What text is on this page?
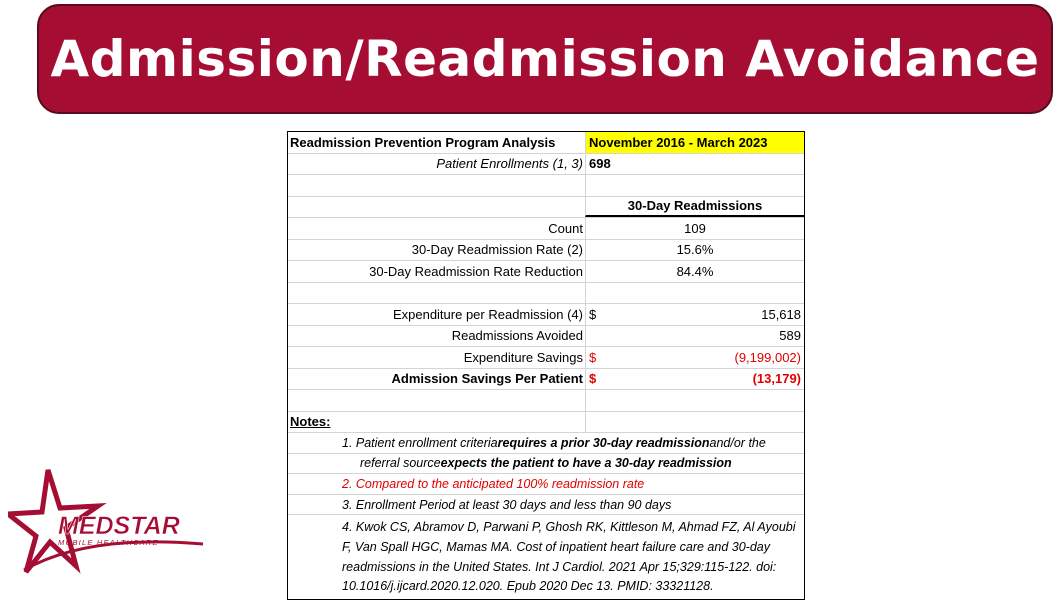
Admission/Readmission Avoidance
Readmission Prevention Program Analysis	November 2016 - March 2023
Patient Enrollments (1, 3) 698
30-Day Readmissions
Count	109
30-Day Readmission Rate (2)	15.6%
30-Day Readmission Rate Reduction	84.4%
Expenditure per Readmission (4) $	15,618
Readmissions Avoided	589
Expenditure Savings $	(9,199,002)
Admission Savings Per Patient $	(13,179)
Notes:
1. Patient enrollment criteria requires a prior 30-day readmission and/or the
referral source expects the patient to have a 30-day readmission
2. Compared to the anticipated 100% readmission rate
3. Enrollment Period at least 30 days and less than 90 days
4. Kwok CS, Abramov D, Parwani P, Ghosh RK, Kittleson M, Ahmad FZ, Al Ayoubi F, Van Spall HGC, Mamas MA. Cost of inpatient heart failure care and 30-day readmissions in the United States. Int J Cardiol. 2021 Apr 15;329:115-122. doi: 10.1016/j.ijcard.2020.12.020. Epub 2020 Dec 13. PMID: 33321128.
MEDSTAR
MOBILE HEALTHCARE
